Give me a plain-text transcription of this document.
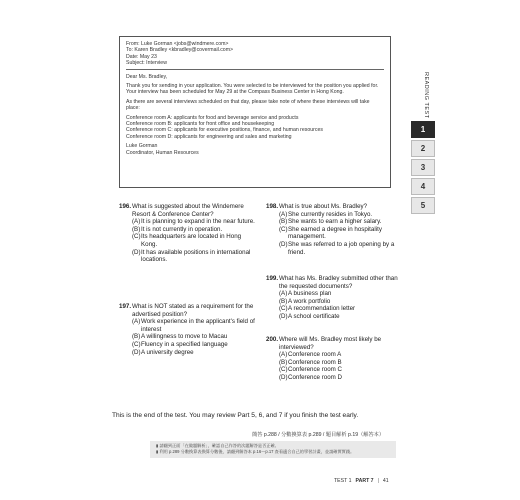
From: Luke Gorman <jobs@windmere.com>
To: Karen Bradley <kbradley@covermail.com>
Date: May 23
Subject: Interview

Dear Ms. Bradley,

Thank you for sending in your application. You were selected to be interviewed for the position you applied for. Your interview has been scheduled for May 29 at the Compass Business Center in Hong Kong.

As there are several interviews scheduled on that day, please take note of where these interviews will take place:

Conference room A: applicants for food and beverage service and products
Conference room B: applicants for front office and housekeeping
Conference room C: applicants for executive positions, finance, and human resources
Conference room D: applicants for engineering and sales and marketing
Luke Gorman
Coordinator, Human Resources
READING TEST
1
2
3
4
5
196. What is suggested about the Windemere Resort & Conference Center?
(A) It is planning to expand in the near future.
(B) It is not currently in operation.
(C) Its headquarters are located in Hong Kong.
(D) It has available positions in international locations.
197. What is NOT stated as a requirement for the advertised position?
(A) Work experience in the applicant's field of interest
(B) A willingness to move to Macau
(C) Fluency in a specified language
(D) A university degree
198. What is true about Ms. Bradley?
(A) She currently resides in Tokyo.
(B) She wants to earn a higher salary.
(C) She earned a degree in hospitality management.
(D) She was referred to a job opening by a friend.
199. What has Ms. Bradley submitted other than the requested documents?
(A) A business plan
(B) A work portfolio
(C) A recommendation letter
(D) A school certificate
200. Where will Ms. Bradley most likely be interviewed?
(A) Conference room A
(B) Conference room B
(C) Conference room C
(D) Conference room D
This is the end of the test. You may review Part 5, 6, and 7 if you finish the test early.
簡答 p.288 / 分數換算表 p.289 / 題目解析 p.19（解答本）
▮ 請翻到正面「在做題解析」，確認自己作答的次題解答是否正確。
▮ 利用 p.289 分數換算表換算分數後，請翻到解答本 p.16～p.17 查看適合自己的學習計畫，並請確實實踐。
TEST 1 PART 7 | 41
